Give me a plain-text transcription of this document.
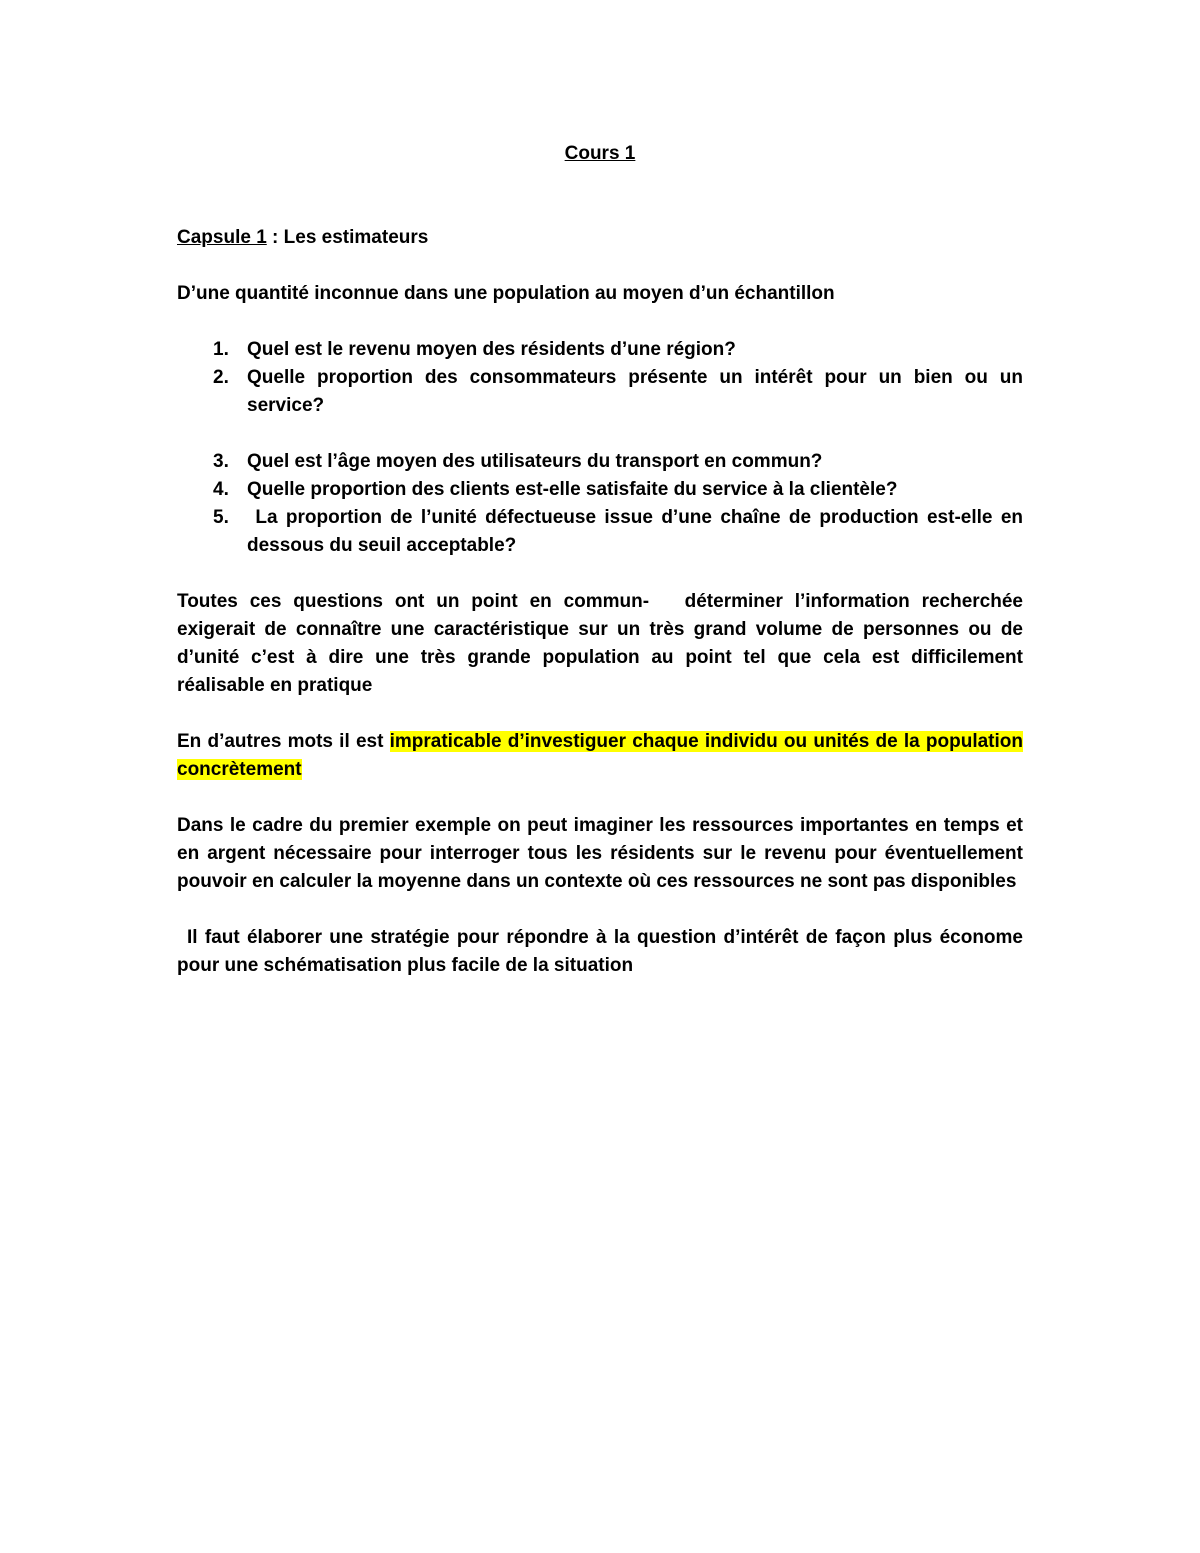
Cours 1
Capsule 1 : Les estimateurs
D’une quantité inconnue dans une population au moyen d’un échantillon
1. Quel est le revenu moyen des résidents d’une région?
2. Quelle proportion des consommateurs présente un intérêt pour un bien ou un service?
3. Quel est l’âge moyen des utilisateurs du transport en commun?
4. Quelle proportion des clients est-elle satisfaite du service à la clientèle?
5. La proportion de l’unité défectueuse issue d’une chaîne de production est-elle en dessous du seuil acceptable?

Toutes ces questions ont un point en commun-   déterminer l’information recherchée exigerait de connaître une caractéristique sur un très grand volume de personnes ou de d’unité c’est à dire une très grande population au point tel que cela est difficilement réalisable en pratique

En d’autres mots il est impraticable d’investiguer chaque individu ou unités de la population concrètement

Dans le cadre du premier exemple on peut imaginer les ressources importantes en temps et en argent nécessaire pour interroger tous les résidents sur le revenu pour éventuellement pouvoir en calculer la moyenne dans un contexte où ces ressources ne sont pas disponibles

Il faut élaborer une stratégie pour répondre à la question d’intérêt de façon plus économe pour une schématisation plus facile de la situation
